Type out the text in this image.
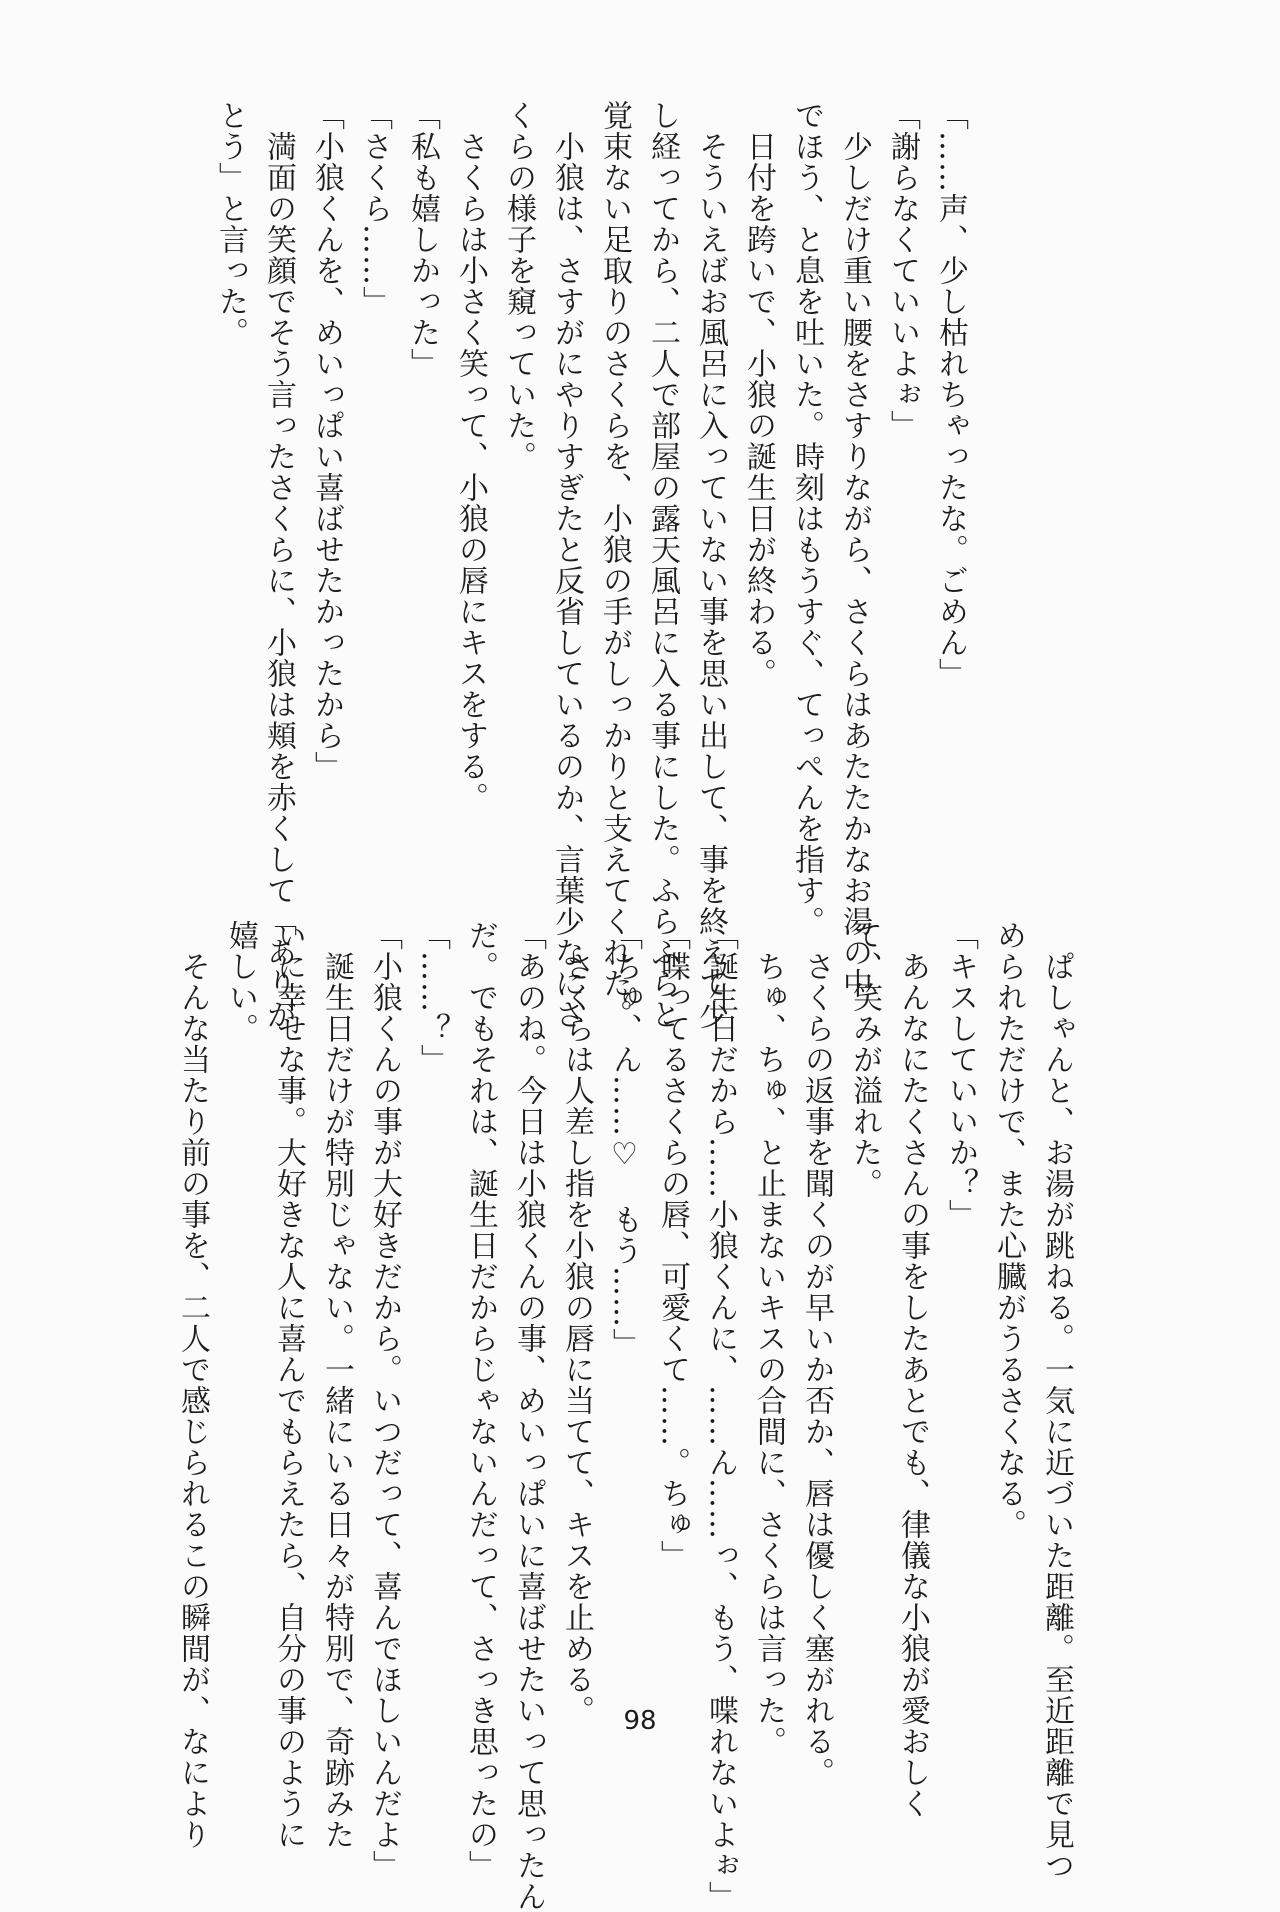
「……声、少し枯れちゃったな。ごめん」

「謝らなくていいよぉ」

　少しだけ重い腰をさすりながら、さくらはあたたかなお湯の中

でほう、と息を吐いた。時刻はもうすぐ、てっぺんを指す。

　日付を跨いで、小狼の誕生日が終わる。

　そういえばお風呂に入っていない事を思い出して、事を終えて少

し経ってから、二人で部屋の露天風呂に入る事にした。ふらふらと

覚束ない足取りのさくらを、小狼の手がしっかりと支えてくれた。

　小狼は、さすがにやりすぎたと反省しているのか、言葉少なにさ

くらの様子を窺っていた。

　さくらは小さく笑って、小狼の唇にキスをする。

「私も嬉しかった」

「さくら……」

「小狼くんを、めいっぱい喜ばせたかったから」

　満面の笑顔でそう言ったさくらに、小狼は頬を赤くして「ありが

とう」と言った。

　ぱしゃんと、お湯が跳ねる。一気に近づいた距離。至近距離で見つ

められただけで、また心臓がうるさくなる。

「キスしていいか？」

　あんなにたくさんの事をしたあとでも、律儀な小狼が愛おしく

て、笑みが溢れた。

　さくらの返事を聞くのが早いか否か、唇は優しく塞がれる。

　ちゅ、ちゅ、と止まないキスの合間に、さくらは言った。

「誕生日だから……小狼くんに、……ん……っ、もう、喋れないよぉ」

「喋ってるさくらの唇、可愛くて……。ちゅ」

「ちゅ、ん……♡　もう……」

　さくらは人差し指を小狼の唇に当てて、キスを止める。

「あのね。今日は小狼くんの事、めいっぱいに喜ばせたいって思ったん

だ。でもそれは、誕生日だからじゃないんだって、さっき思ったの」

「……？」

「小狼くんの事が大好きだから。いつだって、喜んでほしいんだよ」

　誕生日だけが特別じゃない。一緒にいる日々が特別で、奇跡みた

いに幸せな事。大好きな人に喜んでもらえたら、自分の事のように

嬉しい。

　そんな当たり前の事を、二人で感じられるこの瞬間が、なにより	98
